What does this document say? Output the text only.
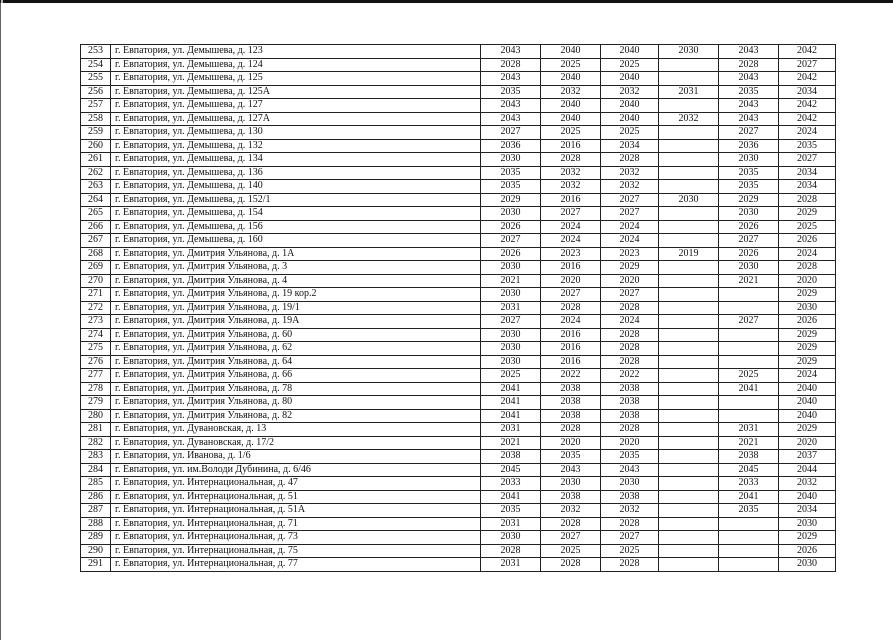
253	г. Евпатория, ул. Демышева, д. 123	2043	2040	2040	2030	2043	2042
254	г. Евпатория, ул. Демышева, д. 124	2028	2025	2025		2028	2027
255	г. Евпатория, ул. Демышева, д. 125	2043	2040	2040		2043	2042
256	г. Евпатория, ул. Демышева, д. 125А	2035	2032	2032	2031	2035	2034
257	г. Евпатория, ул. Демышева, д. 127	2043	2040	2040		2043	2042
258	г. Евпатория, ул. Демышева, д. 127А	2043	2040	2040	2032	2043	2042
259	г. Евпатория, ул. Демышева, д. 130	2027	2025	2025		2027	2024
260	г. Евпатория, ул. Демышева, д. 132	2036	2016	2034		2036	2035
261	г. Евпатория, ул. Демышева, д. 134	2030	2028	2028		2030	2027
262	г. Евпатория, ул. Демышева, д. 136	2035	2032	2032		2035	2034
263	г. Евпатория, ул. Демышева, д. 140	2035	2032	2032		2035	2034
264	г. Евпатория, ул. Демышева, д. 152/1	2029	2016	2027	2030	2029	2028
265	г. Евпатория, ул. Демышева, д. 154	2030	2027	2027		2030	2029
266	г. Евпатория, ул. Демышева, д. 156	2026	2024	2024		2026	2025
267	г. Евпатория, ул. Демышева, д. 160	2027	2024	2024		2027	2026
268	г. Евпатория, ул. Дмитрия Ульянова, д. 1А	2026	2023	2023	2019	2026	2024
269	г. Евпатория, ул. Дмитрия Ульянова, д. 3	2030	2016	2029		2030	2028
270	г. Евпатория, ул. Дмитрия Ульянова, д. 4	2021	2020	2020		2021	2020
271	г. Евпатория, ул. Дмитрия Ульянова, д. 19 кор.2	2030	2027	2027			2029
272	г. Евпатория, ул. Дмитрия Ульянова, д. 19/1	2031	2028	2028			2030
273	г. Евпатория, ул. Дмитрия Ульянова, д. 19А	2027	2024	2024		2027	2026
274	г. Евпатория, ул. Дмитрия Ульянова, д. 60	2030	2016	2028			2029
275	г. Евпатория, ул. Дмитрия Ульянова, д. 62	2030	2016	2028			2029
276	г. Евпатория, ул. Дмитрия Ульянова, д. 64	2030	2016	2028			2029
277	г. Евпатория, ул. Дмитрия Ульянова, д. 66	2025	2022	2022		2025	2024
278	г. Евпатория, ул. Дмитрия Ульянова, д. 78	2041	2038	2038		2041	2040
279	г. Евпатория, ул. Дмитрия Ульянова, д. 80	2041	2038	2038			2040
280	г. Евпатория, ул. Дмитрия Ульянова, д. 82	2041	2038	2038			2040
281	г. Евпатория, ул. Дувановская, д. 13	2031	2028	2028		2031	2029
282	г. Евпатория, ул. Дувановская, д. 17/2	2021	2020	2020		2021	2020
283	г. Евпатория, ул. Иванова, д. 1/6	2038	2035	2035		2038	2037
284	г. Евпатория, ул. им.Володи Дубинина, д. 6/46	2045	2043	2043		2045	2044
285	г. Евпатория, ул. Интернациональная, д. 47	2033	2030	2030		2033	2032
286	г. Евпатория, ул. Интернациональная, д. 51	2041	2038	2038		2041	2040
287	г. Евпатория, ул. Интернациональная, д. 51А	2035	2032	2032		2035	2034
288	г. Евпатория, ул. Интернациональная, д. 71	2031	2028	2028			2030
289	г. Евпатория, ул. Интернациональная, д. 73	2030	2027	2027			2029
290	г. Евпатория, ул. Интернациональная, д. 75	2028	2025	2025			2026
291	г. Евпатория, ул. Интернациональная, д. 77	2031	2028	2028			2030
